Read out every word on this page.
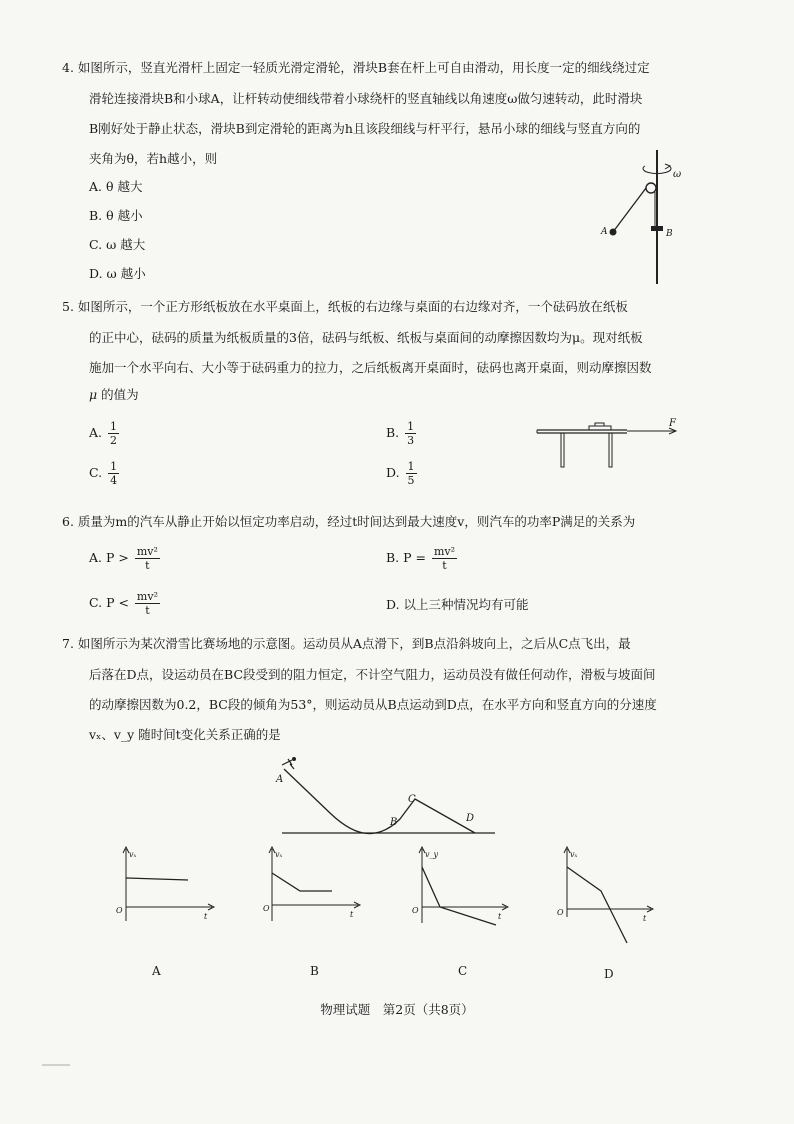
4. 如图所示，竖直光滑杆上固定一轻质光滑定滑轮，滑块B套在杆上可自由滑动，用长度一定的细线绕过定
滑轮连接滑块B和小球A，让杆转动使细线带着小球绕杆的竖直轴线以角速度ω做匀速转动，此时滑块
B刚好处于静止状态，滑块B到定滑轮的距离为h且该段细线与杆平行，悬吊小球的细线与竖直方向的
夹角为θ，若h越小，则
A. θ 越大
B. θ 越小
C. ω 越大
D. ω 越小
ω
A	B
5. 如图所示，一个正方形纸板放在水平桌面上，纸板的右边缘与桌面的右边缘对齐，一个砝码放在纸板
的正中心，砝码的质量为纸板质量的3倍，砝码与纸板、纸板与桌面间的动摩擦因数均为μ。现对纸板
施加一个水平向右、大小等于砝码重力的拉力，之后纸板离开桌面时，砝码也离开桌面，则动摩擦因数
μ 的值为
A. $\frac{1}{2}$	B. $\frac{1}{3}$
C. $\frac{1}{4}$	D. $\frac{1}{5}$
F
6. 质量为m的汽车从静止开始以恒定功率启动，经过t时间达到最大速度v，则汽车的功率P满足的关系为
A. $P > \frac{\text{mv²}}{t}$	B. $P = \frac{\text{mv²}}{t}$
C. $P < \frac{\text{mv²}}{t}$	D. 以上三种情况均有可能
7. 如图所示为某次滑雪比赛场地的示意图。运动员从A点滑下，到B点沿斜坡向上，之后从C点飞出，最
后落在D点，设运动员在BC段受到的阻力恒定，不计空气阻力，运动员没有做任何动作，滑板与坡面间
的动摩擦因数为0.2，BC段的倾角为53°，则运动员从B点运动到D点，在水平方向和竖直方向的分速度
vₓ、v_y 随时间t变化关系正确的是
A
B
C
D
vₓ
t
O
A
vₓ
t
O
B
v_y
t
O
C
vₓ
t
O
D
物理试题　第2页（共8页）
